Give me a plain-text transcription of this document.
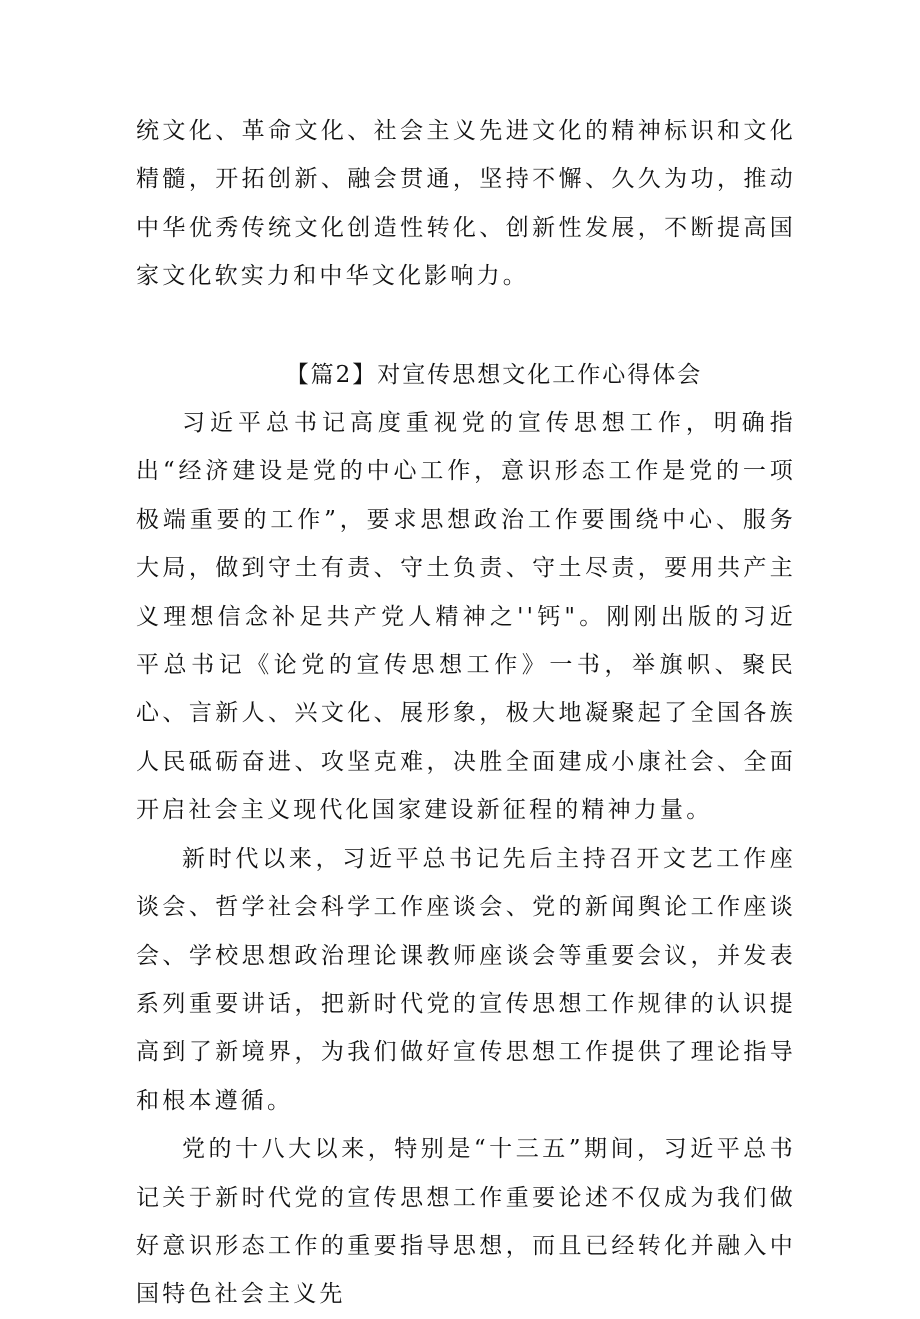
统文化、革命文化、社会主义先进文化的精神标识和文化精髓，开拓创新、融会贯通，坚持不懈、久久为功，推动中华优秀传统文化创造性转化、创新性发展，不断提高国家文化软实力和中华文化影响力。

【篇2】对宣传思想文化工作心得体会

习近平总书记高度重视党的宣传思想工作，明确指出“经济建设是党的中心工作，意识形态工作是党的一项极端重要的工作”，要求思想政治工作要围绕中心、服务大局，做到守土有责、守土负责、守土尽责，要用共产主义理想信念补足共产党人精神之''钙"。刚刚出版的习近平总书记《论党的宣传思想工作》一书，举旗帜、聚民心、言新人、兴文化、展形象，极大地凝聚起了全国各族人民砥砺奋进、攻坚克难，决胜全面建成小康社会、全面开启社会主义现代化国家建设新征程的精神力量。

新时代以来，习近平总书记先后主持召开文艺工作座谈会、哲学社会科学工作座谈会、党的新闻舆论工作座谈会、学校思想政治理论课教师座谈会等重要会议，并发表系列重要讲话，把新时代党的宣传思想工作规律的认识提高到了新境界，为我们做好宣传思想工作提供了理论指导和根本遵循。

党的十八大以来，特别是“十三五”期间，习近平总书记关于新时代党的宣传思想工作重要论述不仅成为我们做好意识形态工作的重要指导思想，而且已经转化并融入中国特色社会主义先
